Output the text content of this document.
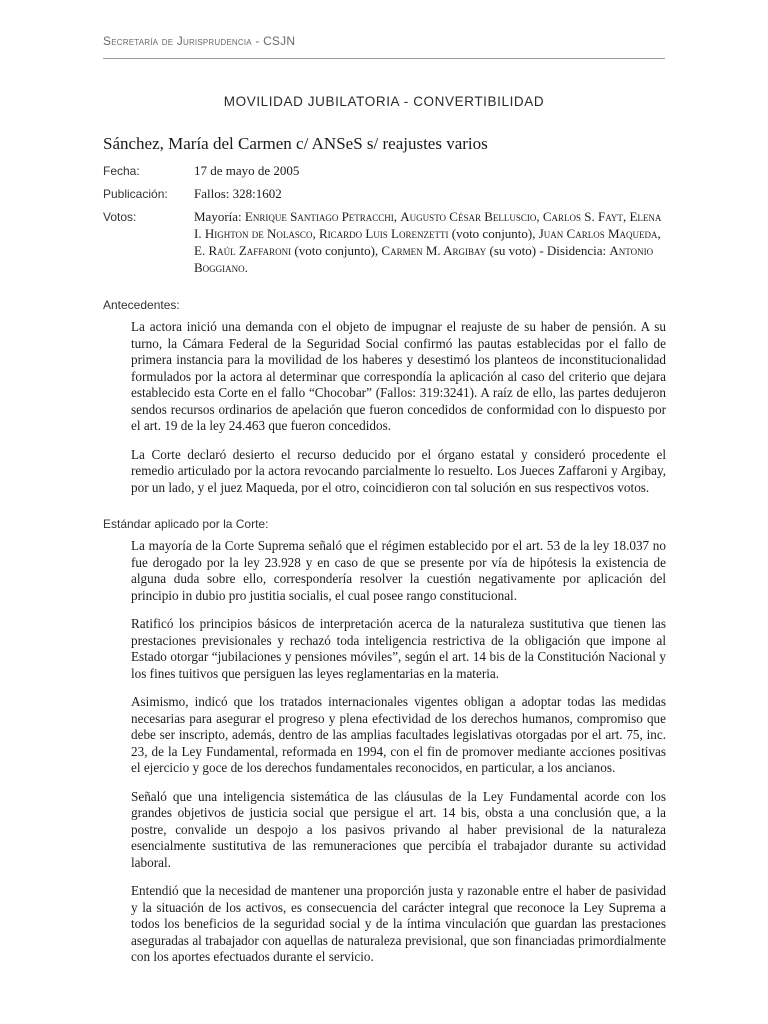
Secretaría de Jurisprudencia - CSJN
MOVILIDAD JUBILATORIA - CONVERTIBILIDAD
Sánchez, María del Carmen c/ ANSeS s/ reajustes varios
Fecha:	17 de mayo de 2005
Publicación:	Fallos: 328:1602
Votos:	Mayoría: Enrique Santiago Petracchi, Augusto César Belluscio, Carlos S. Fayt, Elena I. Highton de Nolasco, Ricardo Luis Lorenzetti (voto conjunto), Juan Carlos Maqueda, E. Raúl Zaffaroni (voto conjunto), Carmen M. Argibay (su voto) - Disidencia: Antonio Boggiano.
Antecedentes:

La actora inició una demanda con el objeto de impugnar el reajuste de su haber de pensión. A su turno, la Cámara Federal de la Seguridad Social confirmó las pautas establecidas por el fallo de primera instancia para la movilidad de los haberes y desestimó los planteos de inconstitucionalidad formulados por la actora al determinar que correspondía la aplicación al caso del criterio que dejara establecido esta Corte en el fallo “Chocobar” (Fallos: 319:3241). A raíz de ello, las partes dedujeron sendos recursos ordinarios de apelación que fueron concedidos de conformidad con lo dispuesto por el art. 19 de la ley 24.463 que fueron concedidos.

La Corte declaró desierto el recurso deducido por el órgano estatal y consideró procedente el remedio articulado por la actora revocando parcialmente lo resuelto. Los Jueces Zaffaroni y Argibay, por un lado, y el juez Maqueda, por el otro, coincidieron con tal solución en sus respectivos votos.

Estándar aplicado por la Corte:

La mayoría de la Corte Suprema señaló que el régimen establecido por el art. 53 de la ley 18.037 no fue derogado por la ley 23.928 y en caso de que se presente por vía de hipótesis la existencia de alguna duda sobre ello, correspondería resolver la cuestión negativamente por aplicación del principio in dubio pro justitia socialis, el cual posee rango constitucional.

Ratificó los principios básicos de interpretación acerca de la naturaleza sustitutiva que tienen las prestaciones previsionales y rechazó toda inteligencia restrictiva de la obligación que impone al Estado otorgar “jubilaciones y pensiones móviles”, según el art. 14 bis de la Constitución Nacional y los fines tuitivos que persiguen las leyes reglamentarias en la materia.

Asimismo, indicó que los tratados internacionales vigentes obligan a adoptar todas las medidas necesarias para asegurar el progreso y plena efectividad de los derechos humanos, compromiso que debe ser inscripto, además, dentro de las amplias facultades legislativas otorgadas por el art. 75, inc. 23, de la Ley Fundamental, reformada en 1994, con el fin de promover mediante acciones positivas el ejercicio y goce de los derechos fundamentales reconocidos, en particular, a los ancianos.

Señaló que una inteligencia sistemática de las cláusulas de la Ley Fundamental acorde con los grandes objetivos de justicia social que persigue el art. 14 bis, obsta a una conclusión que, a la postre, convalide un despojo a los pasivos privando al haber previsional de la naturaleza esencialmente sustitutiva de las remuneraciones que percibía el trabajador durante su actividad laboral.

Entendió que la necesidad de mantener una proporción justa y razonable entre el haber de pasividad y la situación de los activos, es consecuencia del carácter integral que reconoce la Ley Suprema a todos los beneficios de la seguridad social y de la íntima vinculación que guardan las prestaciones aseguradas al trabajador con aquellas de naturaleza previsional, que son financiadas primordialmente con los aportes efectuados durante el servicio.
